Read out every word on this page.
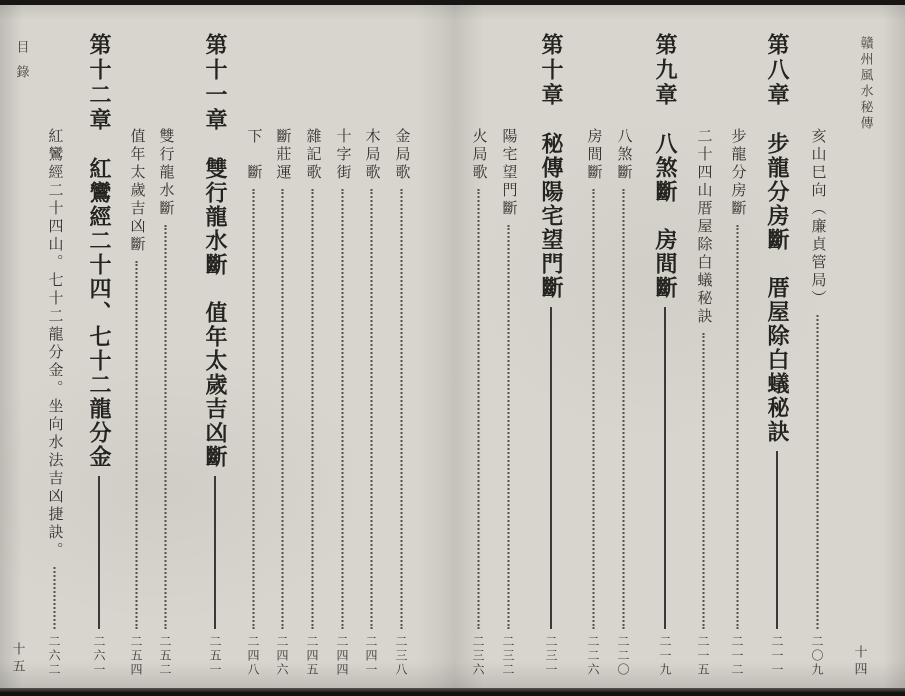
贛州風水秘傳
十四
亥山巳向（廉貞管局）
二〇九
第八章
步龍分房斷　厝屋除白蟻秘訣
二一一
步龍分房斷
二一二
二十四山厝屋除白蟻秘訣
二一五
第九章
八煞斷　房間斷
二一九
八煞斷
二二〇
房間斷
二二六
第十章
秘傳陽宅望門斷
二三一
陽宅望門斷
二三二
火局歌
二三六
金局歌
二三八
木局歌
二四一
十字街
二四四
雜記歌
二四五
斷莊運
二四六
下　斷
二四八
第十一章
雙行龍水斷　值年太歲吉凶斷
二五一
雙行龍水斷
二五二
值年太歲吉凶斷
二五四
第十二章
紅鸞經二十四、七十二龍分金
二六一
紅鸞經二十四山。七十二龍分金。坐向水法吉凶捷訣。
二六二
目錄
十五
